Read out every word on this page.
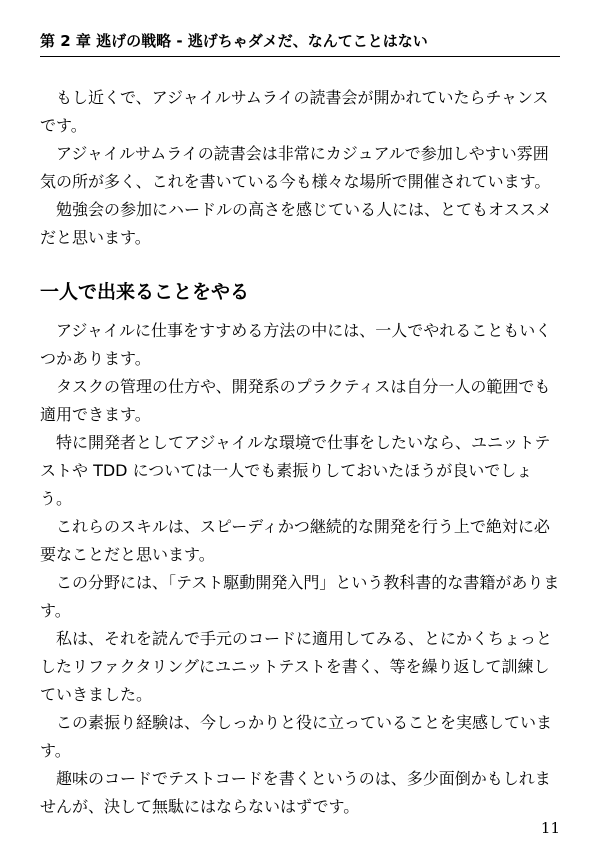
第 2 章 逃げの戦略 - 逃げちゃダメだ、なんてことはない

もし近くで、アジャイルサムライの読書会が開かれていたらチャンスです。

アジャイルサムライの読書会は非常にカジュアルで参加しやすい雰囲気の所が多く、これを書いている今も様々な場所で開催されています。

勉強会の参加にハードルの高さを感じている人には、とてもオススメだと思います。

一人で出来ることをやる

アジャイルに仕事をすすめる方法の中には、一人でやれることもいくつかあります。

タスクの管理の仕方や、開発系のプラクティスは自分一人の範囲でも適用できます。

特に開発者としてアジャイルな環境で仕事をしたいなら、ユニットテストや TDD については一人でも素振りしておいたほうが良いでしょう。

これらのスキルは、スピーディかつ継続的な開発を行う上で絶対に必要なことだと思います。

この分野には、「テスト駆動開発入門」という教科書的な書籍があります。

私は、それを読んで手元のコードに適用してみる、とにかくちょっとしたリファクタリングにユニットテストを書く、等を繰り返して訓練していきました。

この素振り経験は、今しっかりと役に立っていることを実感しています。

趣味のコードでテストコードを書くというのは、多少面倒かもしれませんが、決して無駄にはならないはずです。

11
